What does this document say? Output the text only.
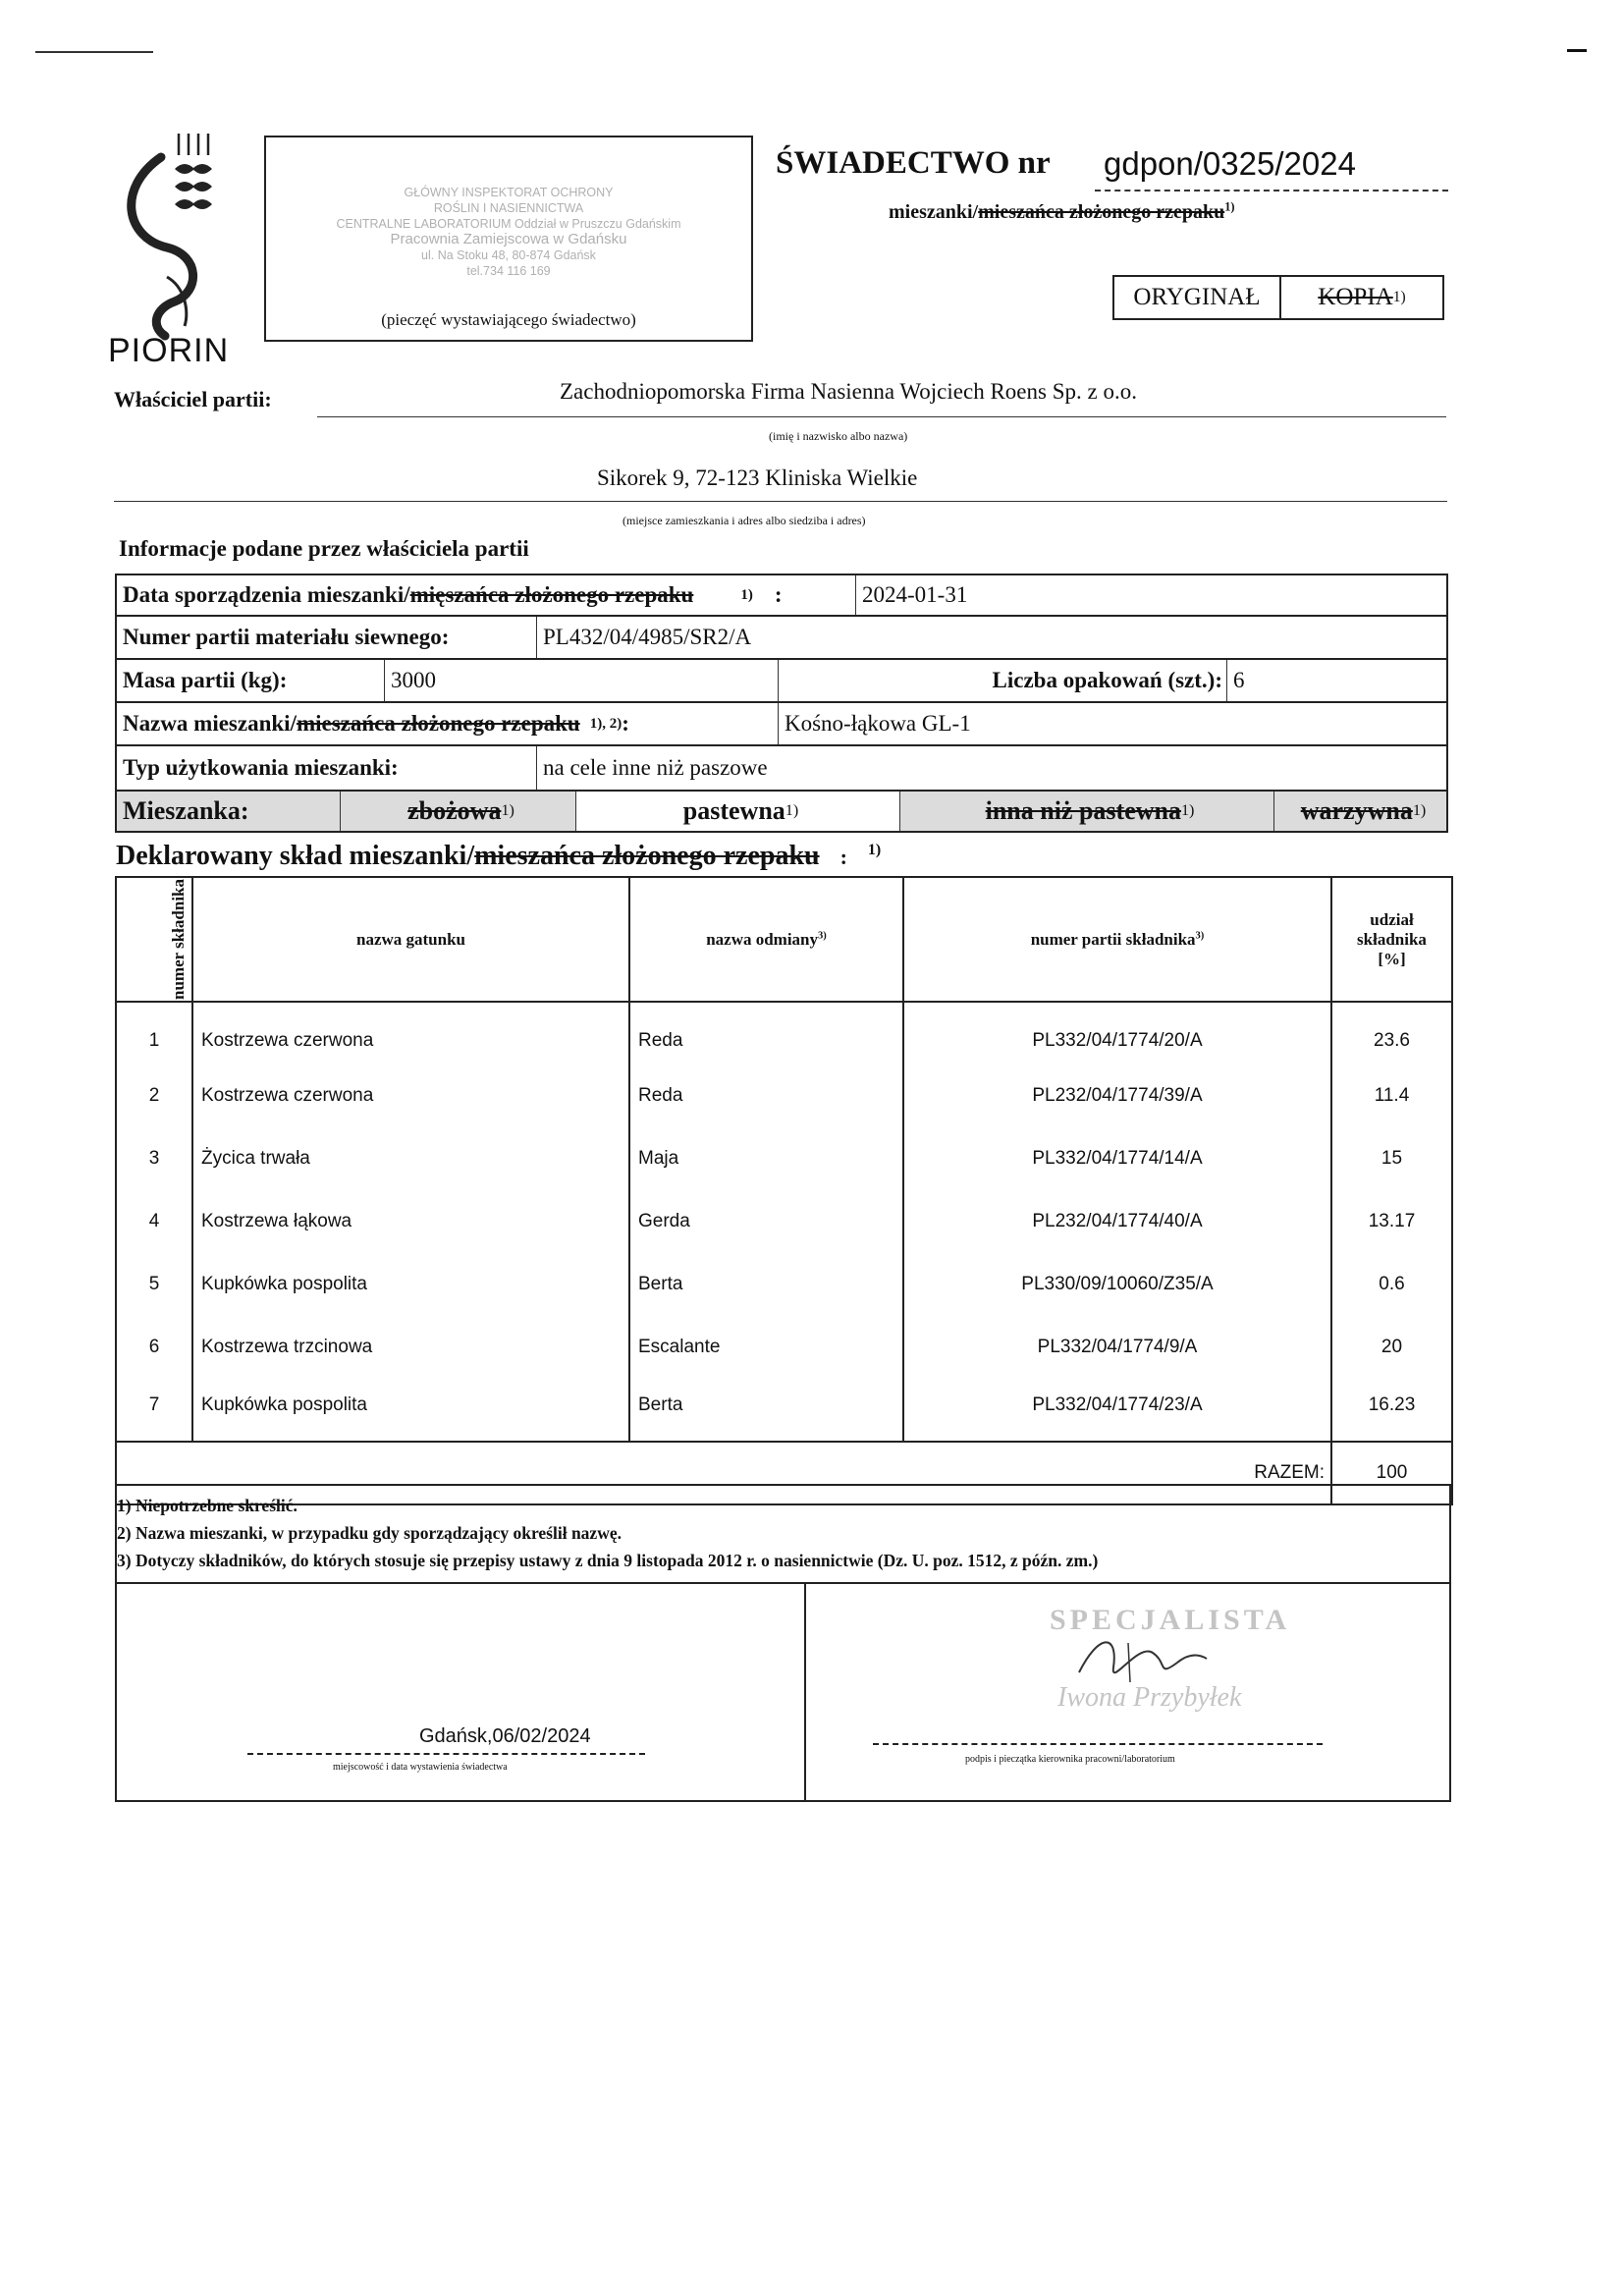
PIORIN
GŁÓWNY INSPEKTORAT OCHRONY
ROŚLIN I NASIENNICTWA
CENTRALNE LABORATORIUM Oddział w Pruszczu Gdańskim
Pracownia Zamiejscowa w Gdańsku
ul. Na Stoku 48, 80-874 Gdańsk
tel.734 116 169
(pieczęć wystawiającego świadectwo)
ŚWIADECTWO nr gdpon/0325/2024
mieszanki/mieszańca złożonego rzepaku$^{1)}$
ORYGINAŁ	KOPIA 1)
Właściciel partii:	Zachodniopomorska Firma Nasienna Wojciech Roens Sp. z o.o.
(imię i nazwisko albo nazwa)
Sikorek 9, 72-123 Kliniska Wielkie
(miejsce zamieszkania i adres albo siedziba i adres)
Informacje podane przez właściciela partii
Data sporządzenia mieszanki/ mięszańca złożonego rzepaku	1) :	2024-01-31
Numer partii materiału siewnego:	PL432/04/4985/SR2/A
Masa partii (kg):	3000	Liczba opakowań (szt.): 6
Nazwa mieszanki/ mieszańca złożonego rzepaku 1), 2) :	Kośno-łąkowa GL-1
Typ użytkowania mieszanki:	na cele inne niż paszowe
Mieszanka:	zbożowa 1)	pastewna 1)	inna niż pastewna 1)	warzywna 1)
Deklarowany skład mieszanki/mieszańca złożonego rzepaku : $^{1)}$
numer składnika	nazwa gatunku	nazwa odmiany$^{3)}$	numer partii składnika$^{3)}$	udział
składnika
[%]

1	Kostrzewa czerwona	Reda	PL332/04/1774/20/A	23.6
2	Kostrzewa czerwona	Reda	PL232/04/1774/39/A	11.4
3	Życica trwała	Maja	PL332/04/1774/14/A	15
4	Kostrzewa łąkowa	Gerda	PL232/04/1774/40/A	13.17
5	Kupkówka pospolita	Berta	PL330/09/10060/Z35/A	0.6
6	Kostrzewa trzcinowa	Escalante	PL332/04/1774/9/A	20
7	Kupkówka pospolita	Berta	PL332/04/1774/23/A	16.23
RAZEM:				100
1) Niepotrzebne skreślić.
2) Nazwa mieszanki, w przypadku gdy sporządzający określił nazwę.
3) Dotyczy składników, do których stosuje się przepisy ustawy z dnia 9 listopada 2012 r. o nasiennictwie (Dz. U. poz. 1512, z późn. zm.)
Gdańsk,06/02/2024
miejscowość i data wystawienia świadectwa
SPECJALISTA
Iwona Przybyłek
podpis i pieczątka kierownika pracowni/laboratorium
